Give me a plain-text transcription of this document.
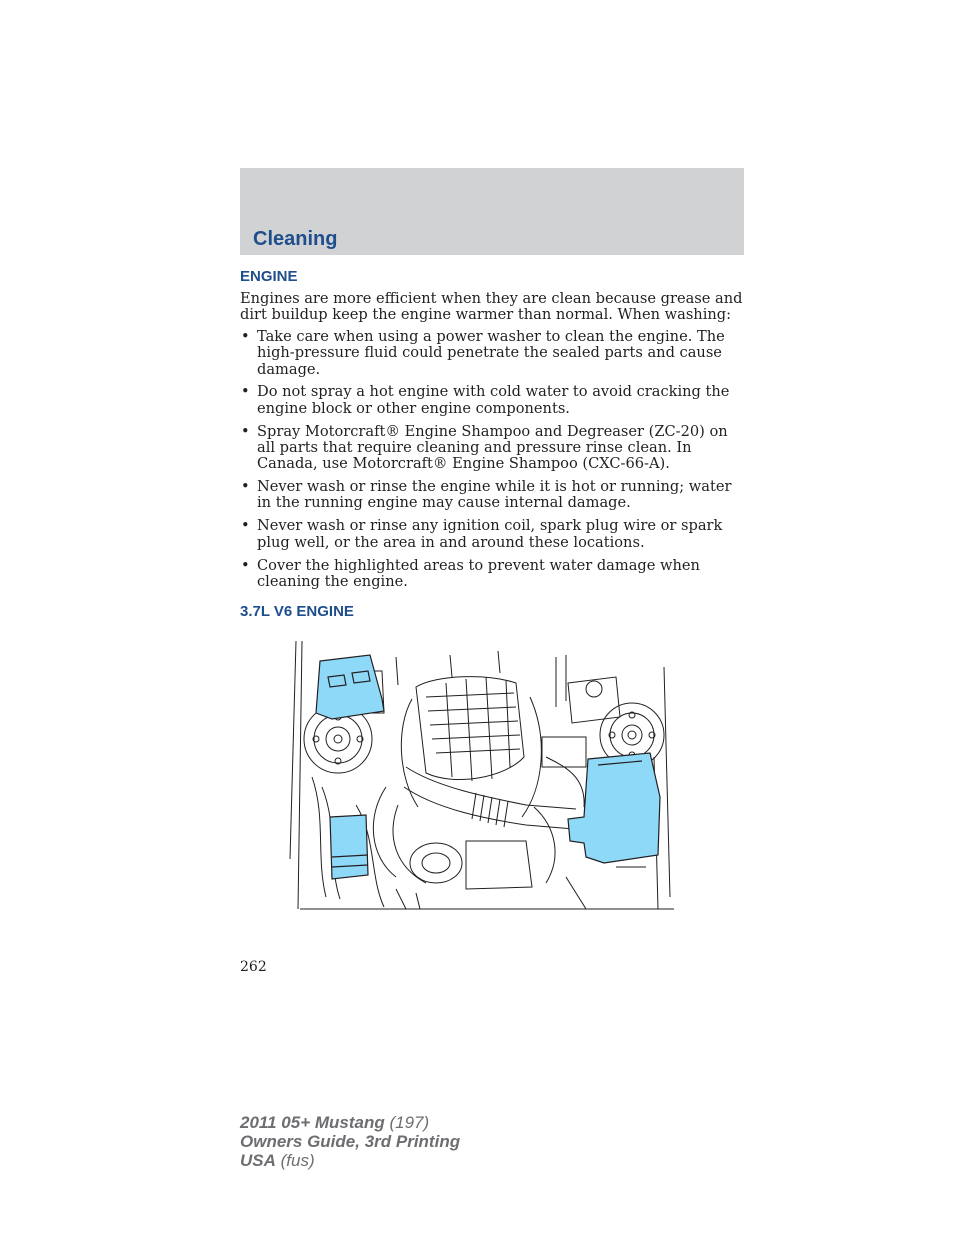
Cleaning
ENGINE

Engines are more efficient when they are clean because grease and dirt buildup keep the engine warmer than normal. When washing:

• Take care when using a power washer to clean the engine. The high-pressure fluid could penetrate the sealed parts and cause damage.
• Do not spray a hot engine with cold water to avoid cracking the engine block or other engine components.
• Spray Motorcraft® Engine Shampoo and Degreaser (ZC-20) on all parts that require cleaning and pressure rinse clean. In Canada, use Motorcraft® Engine Shampoo (CXC-66-A).
• Never wash or rinse the engine while it is hot or running; water in the running engine may cause internal damage.
• Never wash or rinse any ignition coil, spark plug wire or spark plug well, or the area in and around these locations.
• Cover the highlighted areas to prevent water damage when cleaning the engine.
3.7L V6 ENGINE
262
2011 05+ Mustang (197)
Owners Guide, 3rd Printing
USA (fus)
